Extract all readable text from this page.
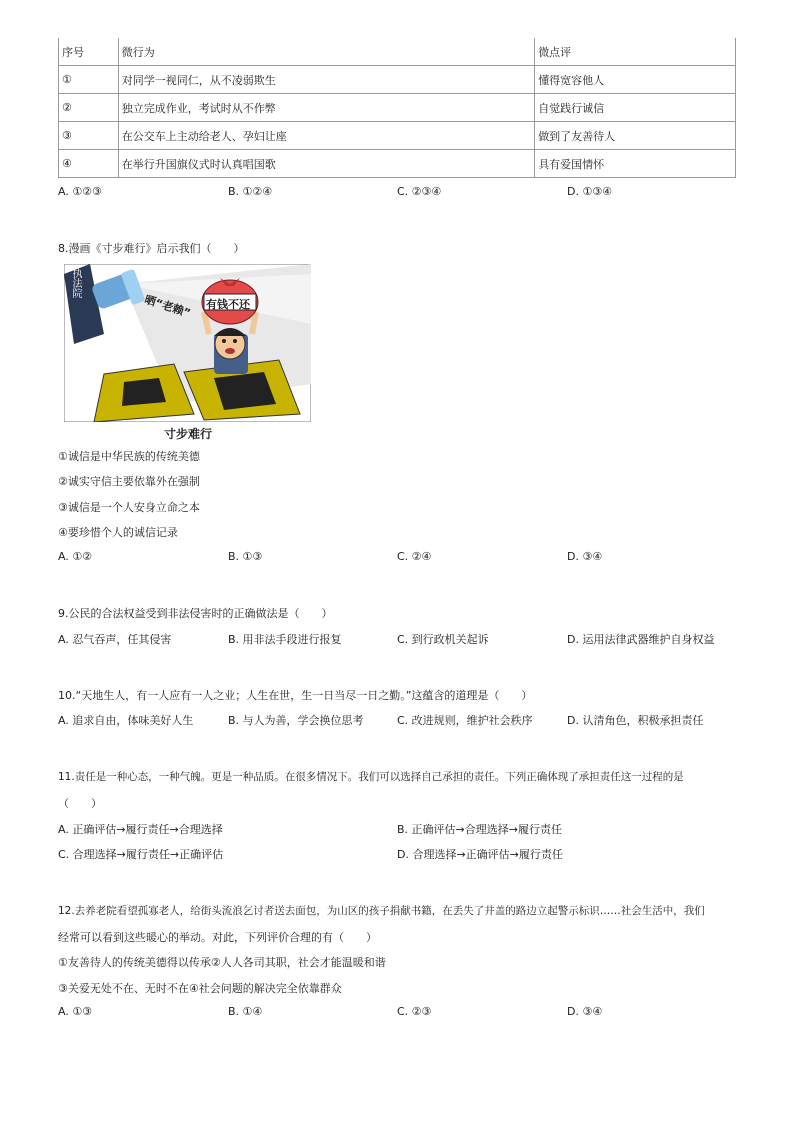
序号	微行为	微点评
①	对同学一视同仁，从不凌弱欺生	懂得宽容他人
②	独立完成作业，考试时从不作弊	自觉践行诚信
③	在公交车上主动给老人、孕妇让座	做到了友善待人
④	在举行升国旗仪式时认真唱国歌	具有爱国情怀
A. ①②③	B. ①②④	C. ②③④	D. ①③④
8.漫画《寸步难行》启示我们（　　）
执法院
晒“老赖” 有钱不还
寸步难行
①诚信是中华民族的传统美德
②诚实守信主要依靠外在强制
③诚信是一个人安身立命之本
④要珍惜个人的诚信记录
A. ①②	B. ①③	C. ②④	D. ③④
9.公民的合法权益受到非法侵害时的正确做法是（　　）
A. 忍气吞声，任其侵害	B. 用非法手段进行报复	C. 到行政机关起诉	D. 运用法律武器维护自身权益
10.“天地生人，有一人应有一人之业；人生在世，生一日当尽一日之勤。”这蕴含的道理是（　　）
A. 追求自由，体味美好人生	B. 与人为善，学会换位思考	C. 改进规则，维护社会秩序	D. 认清角色，积极承担责任
11.责任是一种心态，一种气魄。更是一种品质。在很多情况下。我们可以选择自己承担的责任。下列正确体现了承担责任这一过程的是
（　　）
A. 正确评估→履行责任→合理选择	B. 正确评估→合理选择→履行责任
C. 合理选择→履行责任→正确评估	D. 合理选择→正确评估→履行责任
12.去养老院看望孤寡老人，给街头流浪乞讨者送去面包，为山区的孩子捐献书籍，在丢失了井盖的路边立起警示标识……社会生活中，我们
经常可以看到这些暖心的举动。对此，下列评价合理的有（　　）
①友善待人的传统美德得以传承②人人各司其职，社会才能温暖和谐
③关爱无处不在、无时不在④社会问题的解决完全依靠群众
A. ①③	B. ①④	C. ②③	D. ③④
